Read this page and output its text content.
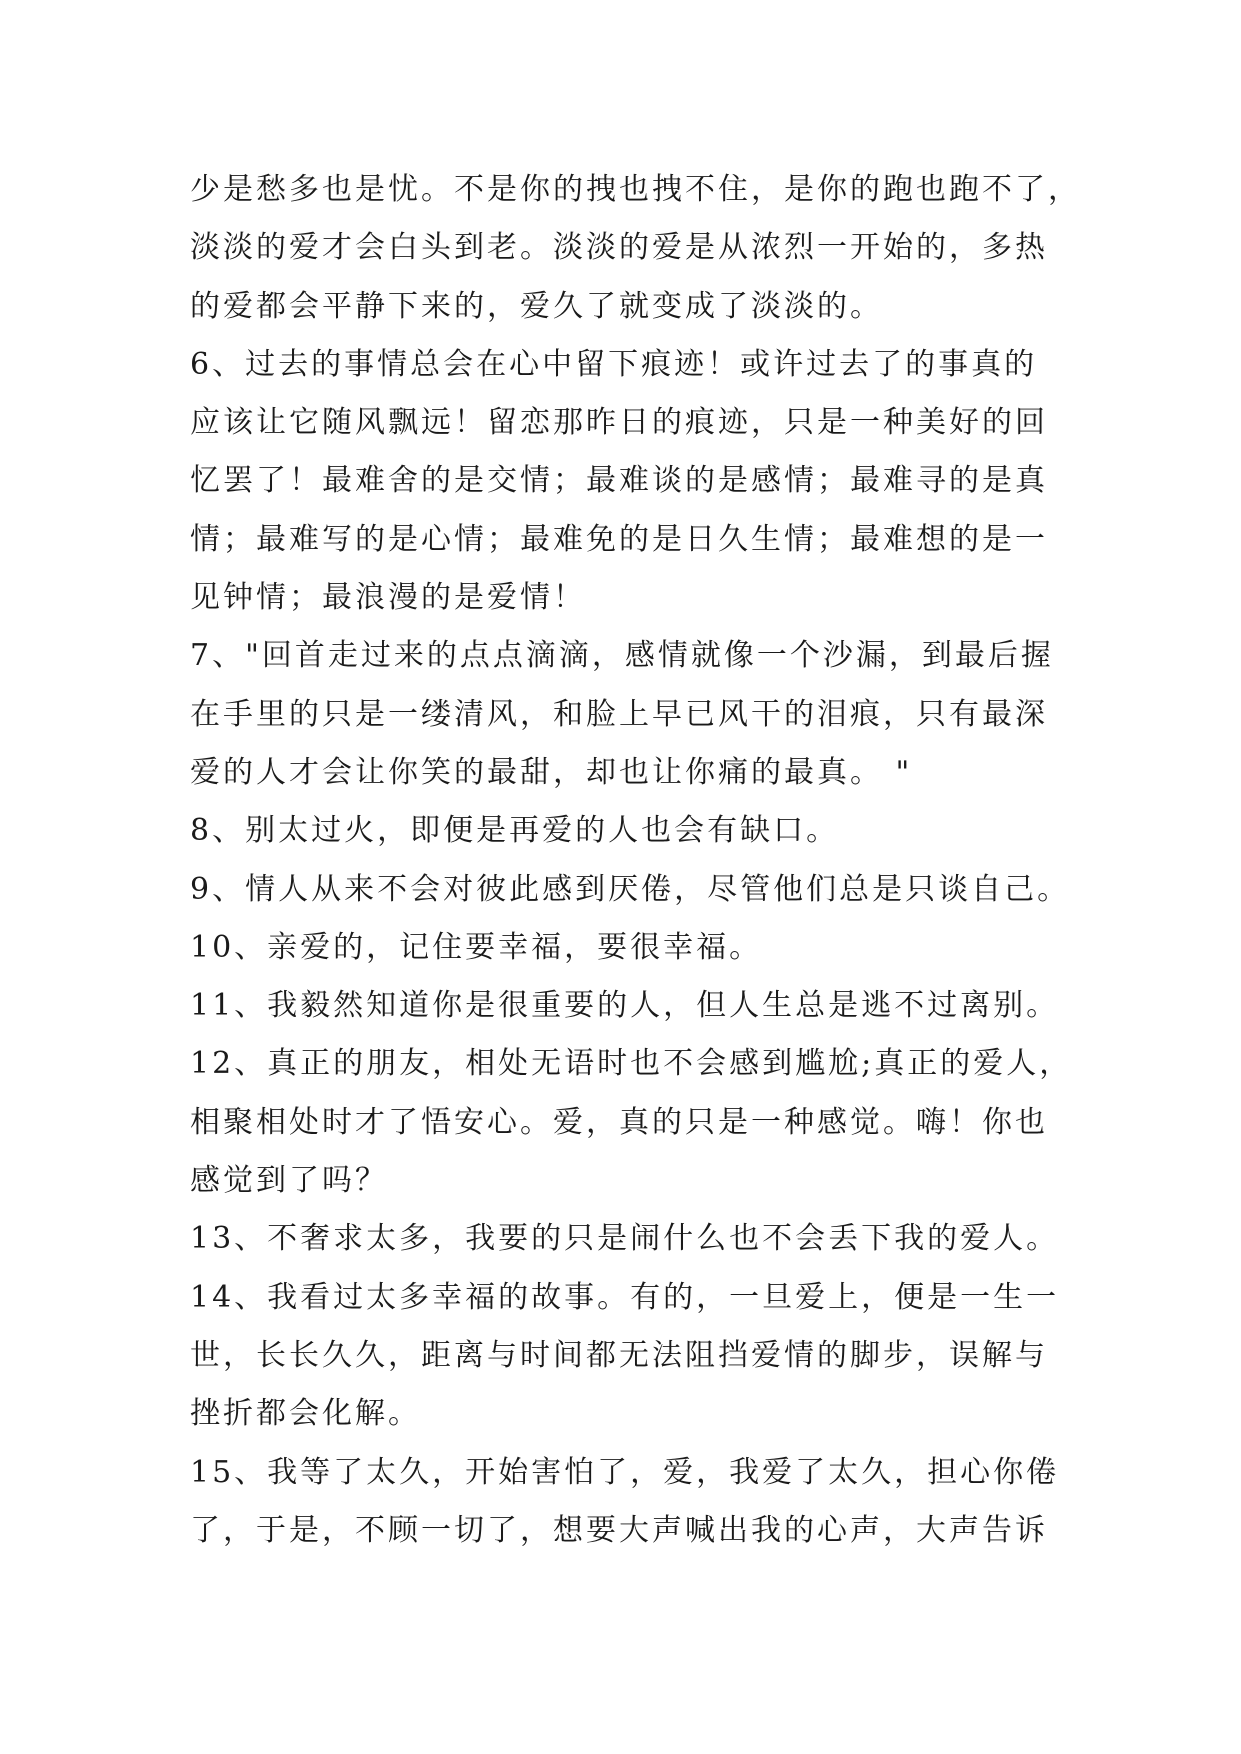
少是愁多也是忧。不是你的拽也拽不住，是你的跑也跑不了，
淡淡的爱才会白头到老。淡淡的爱是从浓烈一开始的，多热
的爱都会平静下来的，爱久了就变成了淡淡的。
6、过去的事情总会在心中留下痕迹！或许过去了的事真的
应该让它随风飘远！留恋那昨日的痕迹，只是一种美好的回
忆罢了！最难舍的是交情；最难谈的是感情；最难寻的是真
情；最难写的是心情；最难免的是日久生情；最难想的是一
见钟情；最浪漫的是爱情！
7、"回首走过来的点点滴滴，感情就像一个沙漏，到最后握
在手里的只是一缕清风，和脸上早已风干的泪痕，只有最深
爱的人才会让你笑的最甜，却也让你痛的最真。 "
8、别太过火，即便是再爱的人也会有缺口。
9、情人从来不会对彼此感到厌倦，尽管他们总是只谈自己。
10、亲爱的，记住要幸福，要很幸福。
11、我毅然知道你是很重要的人，但人生总是逃不过离别。
12、真正的朋友，相处无语时也不会感到尴尬;真正的爱人，
相聚相处时才了悟安心。爱，真的只是一种感觉。嗨！你也
感觉到了吗？
13、不奢求太多，我要的只是闹什么也不会丢下我的爱人。
14、我看过太多幸福的故事。有的，一旦爱上，便是一生一
世，长长久久，距离与时间都无法阻挡爱情的脚步，误解与
挫折都会化解。
15、我等了太久，开始害怕了，爱，我爱了太久，担心你倦
了，于是，不顾一切了，想要大声喊出我的心声，大声告诉
